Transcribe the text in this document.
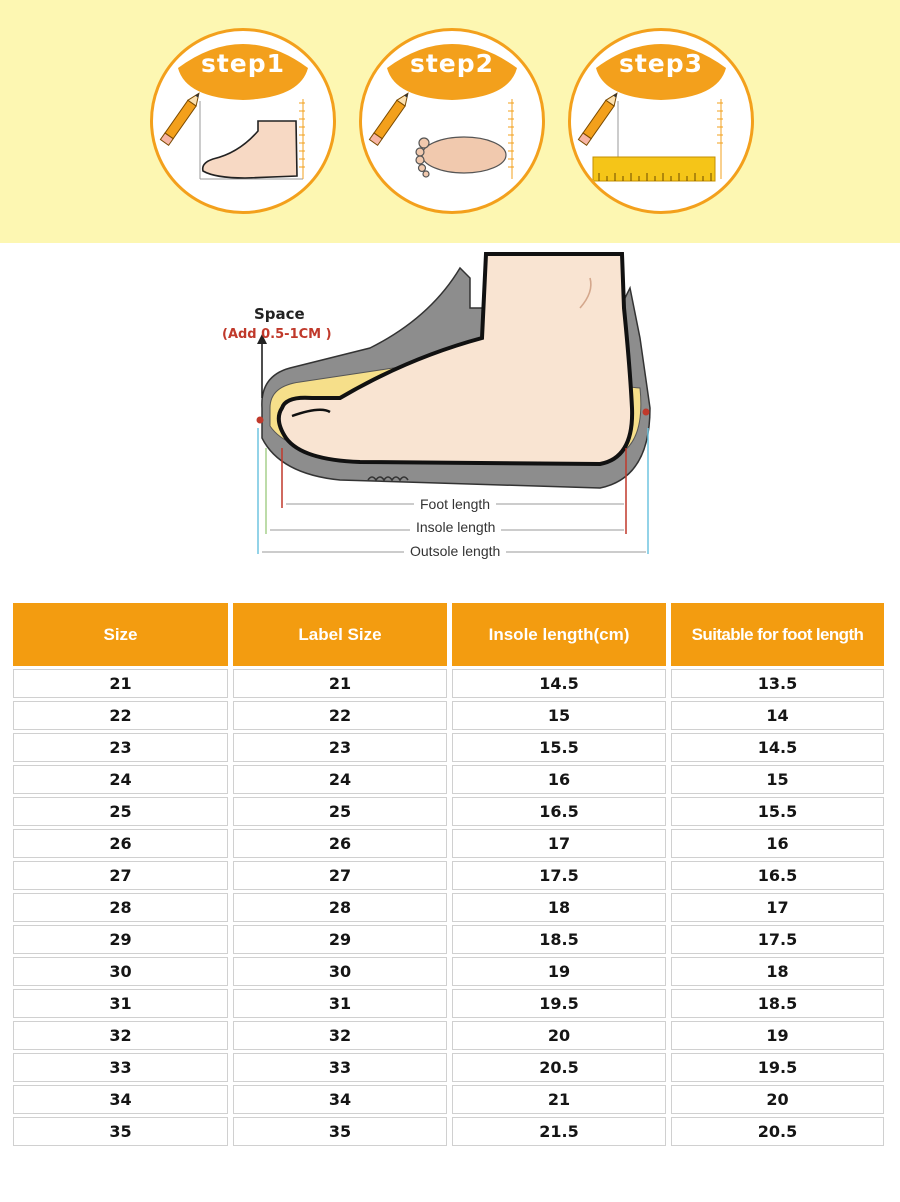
step1	step2	step3
Space
(Add 0.5-1CM )
Foot length
Insole length
Outsole length
Size	Label Size	Insole length(cm)	Suitable for foot length
21	21	14.5	13.5
22	22	15	14
23	23	15.5	14.5
24	24	16	15
25	25	16.5	15.5
26	26	17	16
27	27	17.5	16.5
28	28	18	17
29	29	18.5	17.5
30	30	19	18
31	31	19.5	18.5
32	32	20	19
33	33	20.5	19.5
34	34	21	20
35	35	21.5	20.5
